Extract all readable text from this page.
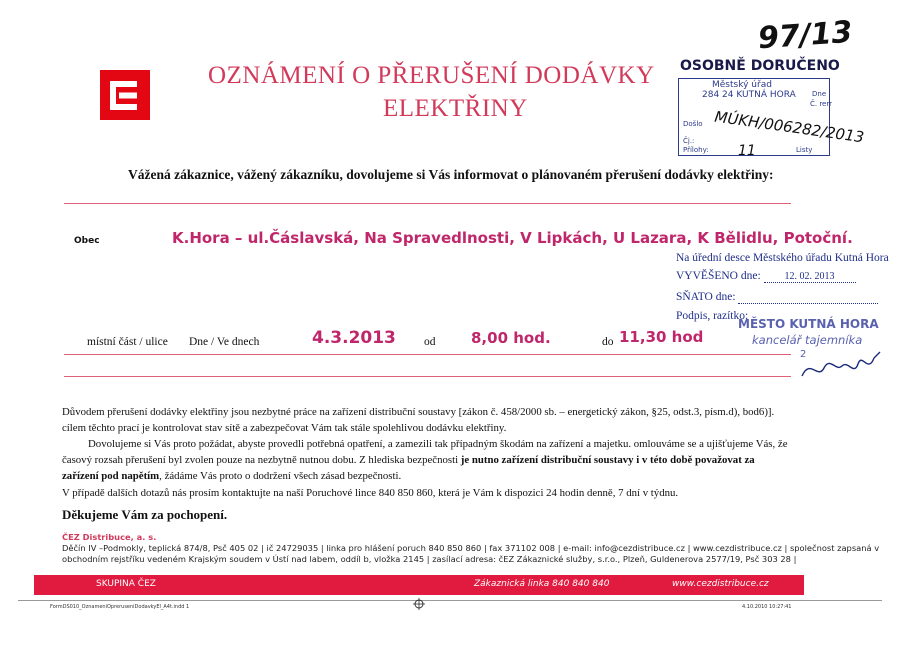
OZNÁMENÍ O PŘERUŠENÍ DODÁVKY
ELEKTŘINY
97/13
OSOBNĚ DORUČENO
Městský úřad
284 24 KUTNÁ HORA Dne
Č. rerr
Došlo
Čj.:
Přílohy:	Listy
MÚKH/006282/2013
11
Vážená zákaznice, vážený zákazníku, dovolujeme si Vás informovat o plánovaném přerušení dodávky elektřiny:
Obec	K.Hora – ul.Čáslavská, Na Spravedlnosti, V Lipkách, U Lazara, K Bělidlu, Potoční.
Na úřední desce Městského úřadu Kutná Hora
VYVĚŠENO dne: 12. 02. 2013
SŇATO dne:
Podpis, razítko:
MĚSTO KUTNÁ HORA
kancelář tajemníka
2
místní část / ulice Dne / Ve dnech	4.3.2013 od 8,00 hod.	do 11,30 hod
Důvodem přerušení dodávky elektřiny jsou nezbytné práce na zařízení distribuční soustavy [zákon č. 458/2000 sb. – energetický zákon, §25, odst.3, písm.d), bod6)]. cílem těchto prací je kontrolovat stav sítě a zabezpečovat Vám tak stále spolehlivou dodávku elektřiny.
Dovolujeme si Vás proto požádat, abyste provedli potřebná opatření, a zamezili tak případným škodám na zařízení a majetku. omlouváme se a ujišťujeme Vás, že časový rozsah přerušení byl zvolen pouze na nezbytně nutnou dobu. Z hlediska bezpečnosti je nutno zařízení distribuční soustavy i v této době považovat za zařízení pod napětím, žádáme Vás proto o dodržení všech zásad bezpečnosti.
V případě dalších dotazů nás prosím kontaktujte na naší Poruchové lince 840 850 860, která je Vám k dispozici 24 hodin denně, 7 dní v týdnu.
Děkujeme Vám za pochopení.
ČEZ Distribuce, a. s.
Děčín IV –Podmokly, teplická 874/8, Psč 405 02 | ič 24729035 | linka pro hlášení poruch 840 850 860 | fax 371102 008 | e-mail: info@cezdistribuce.cz | www.cezdistribuce.cz | společnost zapsaná v
obchodním rejstříku vedeném Krajským soudem v Ústí nad labem, oddíl b, vložka 2145 | zasílací adresa: čEZ Zákaznické služby, s.r.o., Plzeň, Guldenerova 2577/19, Psč 303 28 |
SKUPINA ČEZ	Zákaznická linka 840 840 840	www.cezdistribuce.cz
FormDS010_OznameniOpreruseniDodavkyEl_A4t.indd 1	4.10.2010 10:27:41
